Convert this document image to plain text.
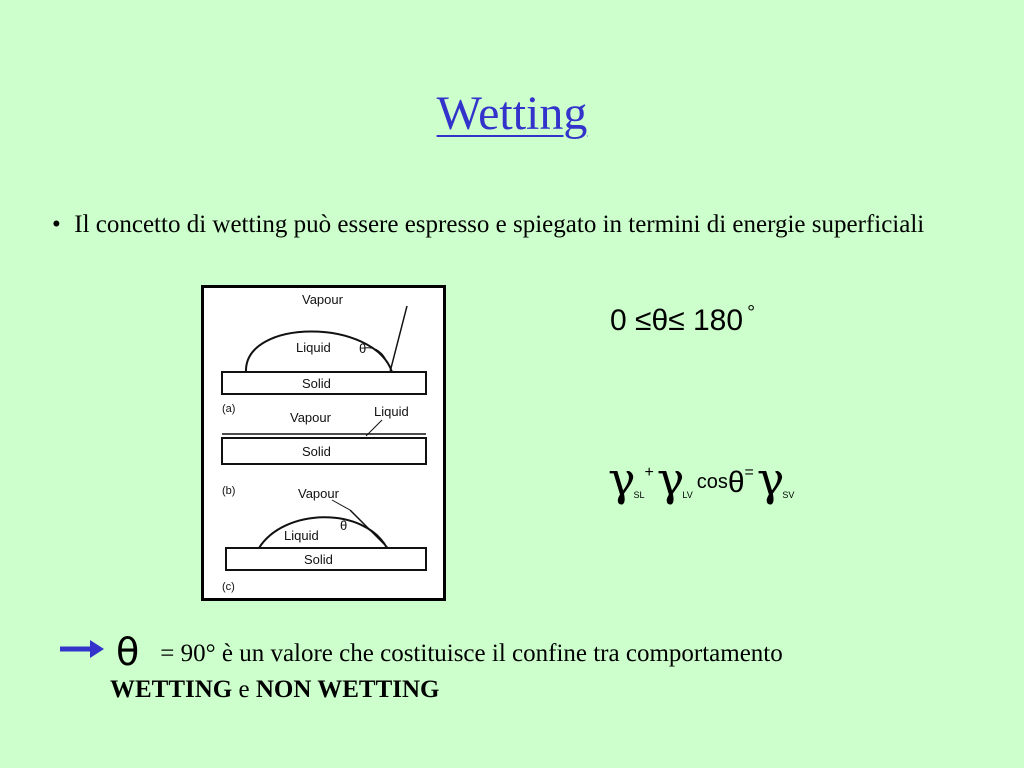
Wetting
• Il concetto di wetting può essere espresso e spiegato in termini di energie superficiali
Vapour
Liquid θ
Solid
(a)
Vapour	Liquid
Solid
(b)	Vapour
Liquid
θ
Solid
(c)
0
≤ θ ≤
180 °
γ
SL
+ γ
LV
cos θ = γ
SV
θ = 90° è un valore che costituisce il confine tra comportamento WETTING e NON WETTING
